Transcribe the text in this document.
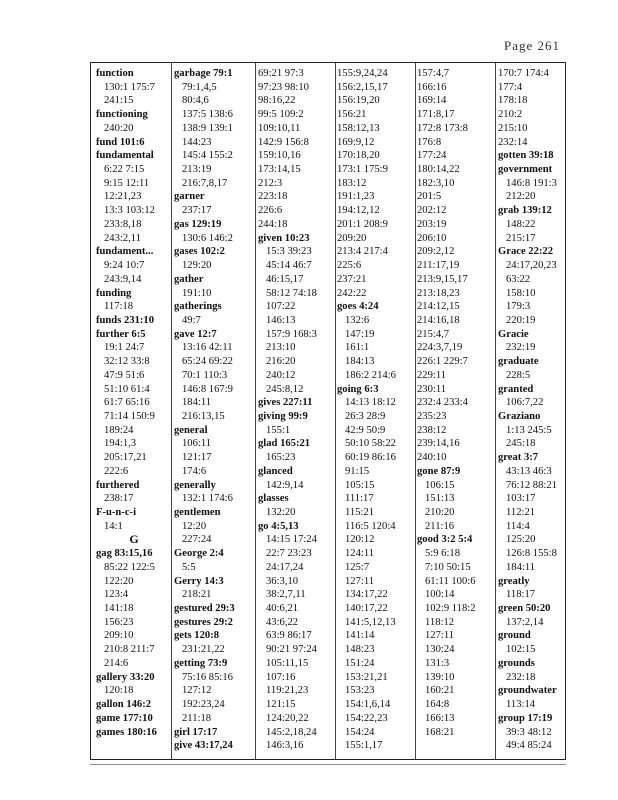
Page 261
function
130:1 175:7
241:15
functioning
240:20
fund 101:6
fundamental
6:22 7:15
9:15 12:11
12:21,23
13:3 103:12
233:8,18
243:2,11
fundament...
9:24 10:7
243:9,14
funding
117:18
funds 231:10
further 6:5
19:1 24:7
32:12 33:8
47:9 51:6
51:10 61:4
61:7 65:16
71:14 150:9
189:24
194:1,3
205:17,21
222:6
furthered
238:17
F-u-n-c-i
14:1
G
gag 83:15,16
85:22 122:5
122:20
123:4
141:18
156:23
209:10
210:8 211:7
214:6
gallery 33:20
120:18
gallon 146:2
game 177:10
games 180:16
garbage 79:1
79:1,4,5
80:4,6
137:5 138:6
138:9 139:1
144:23
145:4 155:2
213:19
216:7,8,17
garner
237:17
gas 129:19
130:6 146:2
gases 102:2
129:20
gather
191:10
gatherings
49:7
gave 12:7
13:16 42:11
65:24 69:22
70:1 110:3
146:8 167:9
184:11
216:13,15
general
106:11
121:17
174:6
generally
132:1 174:6
gentlemen
12:20
227:24
George 2:4
5:5
Gerry 14:3
218:21
gestured 29:3
gestures 29:2
gets 120:8
231:21,22
getting 73:9
75:16 85:16
127:12
192:23,24
211:18
girl 17:17
give 43:17,24
69:21 97:3
97:23 98:10
98:16,22
99:5 109:2
109:10,11
142:9 156:8
159:10,16
173:14,15
212:3
223:18
226:6
244:18
given 10:23
15:3 39:23
45:14 46:7
46:15,17
58:12 74:18
107:22
146:13
157:9 168:3
213:10
216:20
240:12
245:8,12
gives 227:11
giving 99:9
155:1
glad 165:21
165:23
glanced
142:9,14
glasses
132:20
go 4:5,13
14:15 17:24
22:7 23:23
24:17,24
36:3,10
38:2,7,11
40:6,21
43:6,22
63:9 86:17
90:21 97:24
105:11,15
107:16
119:21,23
121:15
124:20,22
145:2,18,24
146:3,16
155:9,24,24
156:2,15,17
156:19,20
156:21
158:12,13
169:9,12
170:18,20
173:1 175:9
183:12
191:1,23
194:12,12
201:1 208:9
209:20
213:4 217:4
225:6
237:21
242:22
goes 4:24
132:6
147:19
161:1
184:13
186:2 214:6
going 6:3
14:13 18:12
26:3 28:9
42:9 50:9
50:10 58:22
60:19 86:16
91:15
105:15
111:17
115:21
116:5 120:4
120:12
124:11
125:7
127:11
134:17,22
140:17,22
141:5,12,13
141:14
148:23
151:24
153:21,21
153:23
154:1,6,14
154:22,23
154:24
155:1,17
157:4,7
166:16
169:14
171:8,17
172:8 173:8
176:8
177:24
180:14,22
182:3,10
201:5
202:12
203:19
206:10
209:2,12
211:17,19
213:9,15,17
213:18,23
214:12,15
214:16,18
215:4,7
224:3,7,19
226:1 229:7
229:11
230:11
232:4 233:4
235:23
238:12
239:14,16
240:10
gone 87:9
106:15
151:13
210:20
211:16
good 3:2 5:4
5:9 6:18
7:10 50:15
61:11 100:6
100:14
102:9 118:2
118:12
127:11
130:24
131:3
139:10
160:21
164:8
166:13
168:21
170:7 174:4
177:4
178:18
210:2
215:10
232:14
gotten 39:18
government
146:8 191:3
212:20
grab 139:12
148:22
215:17
Grace 22:22
24:17,20,23
63:22
158:10
179:3
220:19
Gracie
232:19
graduate
228:5
granted
106:7,22
Graziano
1:13 245:5
245:18
great 3:7
43:13 46:3
76:12 88:21
103:17
112:21
114:4
125:20
126:8 155:8
184:11
greatly
118:17
green 50:20
137:2,14
ground
102:15
grounds
232:18
groundwater
113:14
group 17:19
39:3 48:12
49:4 85:24
